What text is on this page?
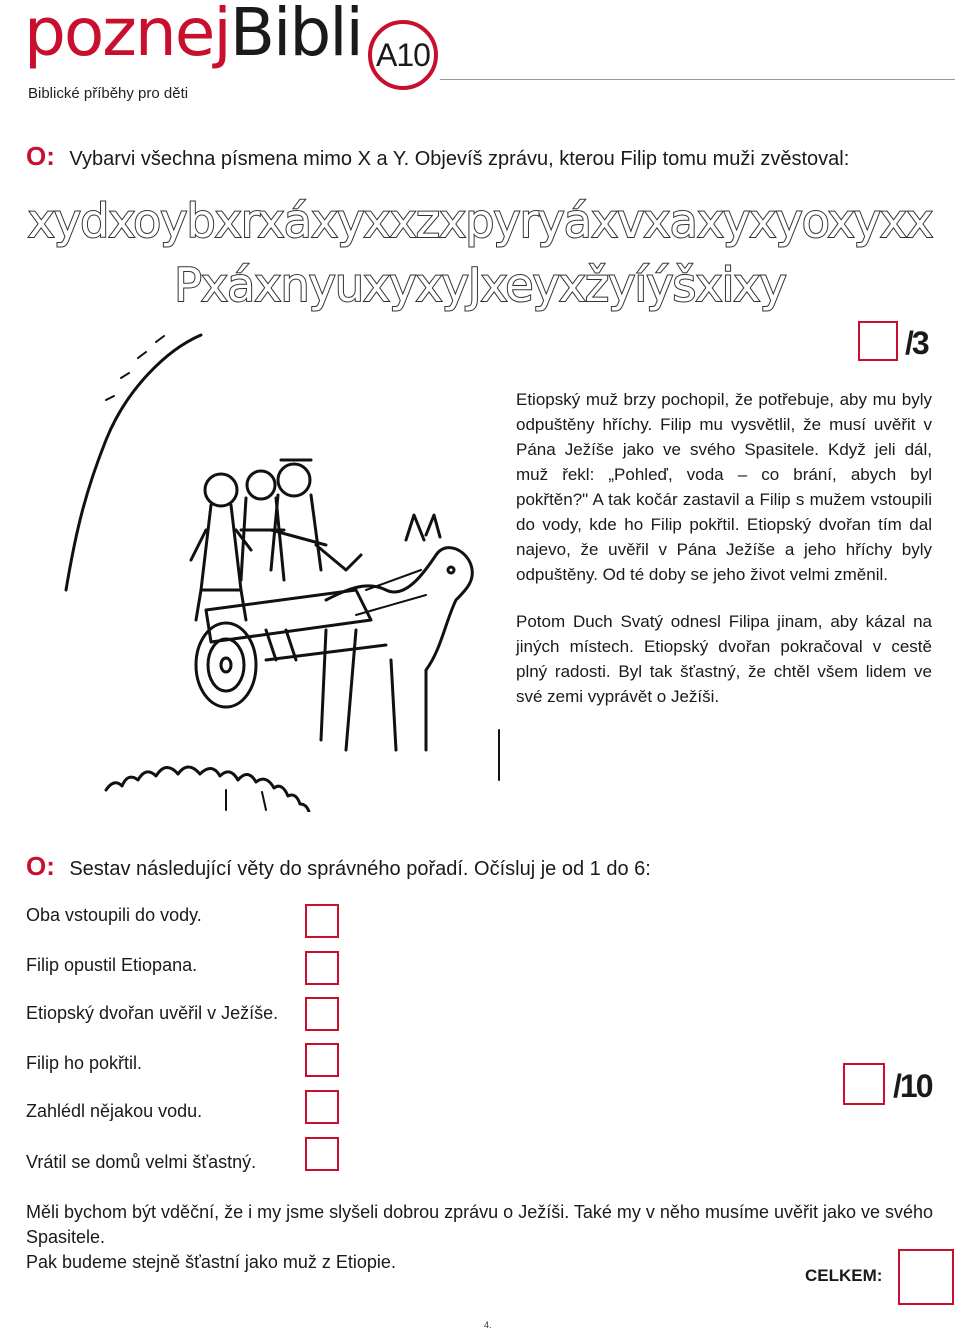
poznejBibli
Biblické příběhy pro děti
A10
O: Vybarvi všechna písmena mimo X a Y. Objevíš zprávu, kterou Filip tomu muži zvěstoval:
xydxoybxrxáxyxxzxpyryáxvxaxyxyoxyxx
PxáxnyuxyxyJxeyxžyíýšxixy
/3

Etiopský muž brzy pochopil, že potřebuje, aby mu byly odpuštěny hříchy. Filip mu vysvětlil, že musí uvěřit v Pána Ježíše jako ve svého Spasitele. Když jeli dál, muž řekl: „Pohleď, voda – co brání, abych byl pokřtěn?" A tak kočár zastavil a Filip s mužem vstoupili do vody, kde ho Filip pokřtil. Etiopský dvořan tím dal najevo, že uvěřil v Pána Ježíše a jeho hříchy byly odpuštěny. Od té doby se jeho život velmi změnil.

Potom Duch Svatý odnesl Filipa jinam, aby kázal na jiných místech. Etiopský dvořan pokračoval v cestě plný radosti. Byl tak šťastný, že chtěl všem lidem ve své zemi vyprávět o Ježíši.

O: Sestav následující věty do správného pořadí. Očísluj je od 1 do 6:
Oba vstoupili do vody.
Filip opustil Etiopana.
Etiopský dvořan uvěřil v Ježíše.
Filip ho pokřtil.
Zahlédl nějakou vodu.
Vrátil se domů velmi šťastný.
/10
Měli bychom být vděční, že i my jsme slyšeli dobrou zprávu o Ježíši. Také my v něho musíme uvěřit jako ve svého Spasitele.
Pak budeme stejně šťastní jako muž z Etiopie.
CELKEM:
4.
